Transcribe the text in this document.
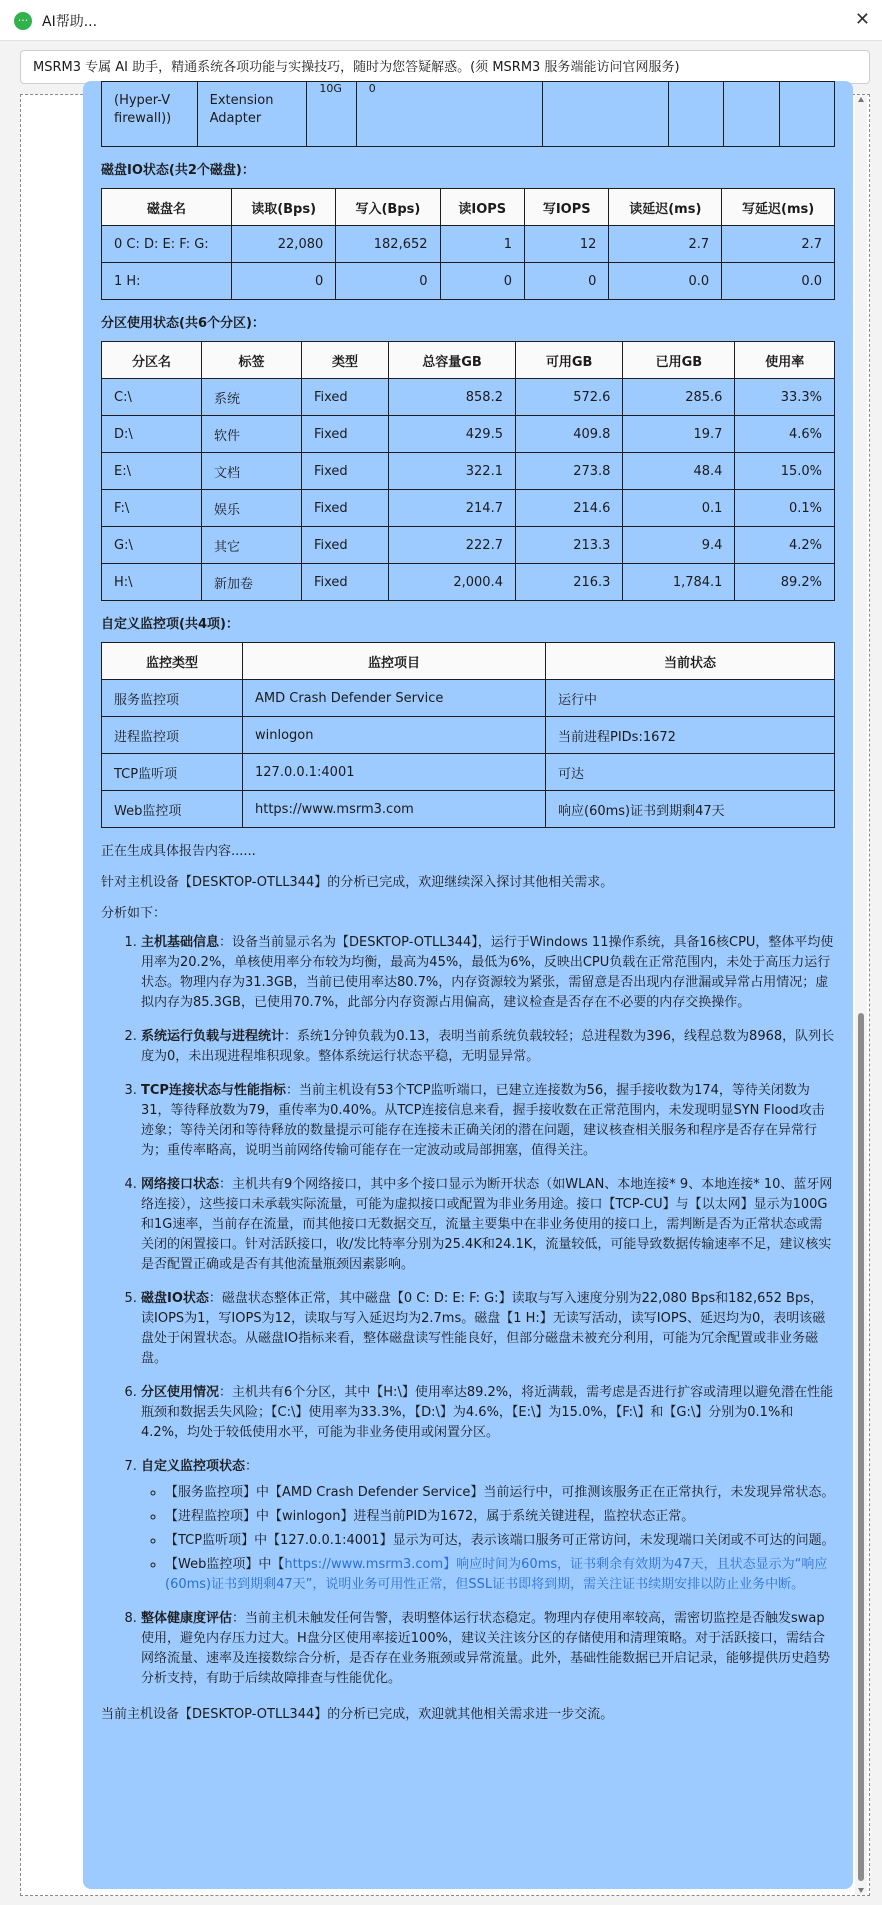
··· AI帮助...	✕
MSRM3 专属 AI 助手，精通系统各项功能与实操技巧，随时为您答疑解惑。(须 MSRM3 服务端能访问官网服务)
(Hyper-V firewall))	Extension Adapter	10G	0				
磁盘IO状态(共2个磁盘)：
磁盘名	读取(Bps)	写入(Bps)	读IOPS	写IOPS	读延迟(ms)	写延迟(ms)
0 C: D: E: F: G:	22,080	182,652	1	12	2.7	2.7
1 H:	0	0	0	0	0.0	0.0
分区使用状态(共6个分区)：
分区名	标签	类型	总容量GB	可用GB	已用GB	使用率
C:\	系统	Fixed	858.2	572.6	285.6	33.3%
D:\	软件	Fixed	429.5	409.8	19.7	4.6%
E:\	文档	Fixed	322.1	273.8	48.4	15.0%
F:\	娱乐	Fixed	214.7	214.6	0.1	0.1%
G:\	其它	Fixed	222.7	213.3	9.4	4.2%
H:\	新加卷	Fixed	2,000.4	216.3	1,784.1	89.2%
自定义监控项(共4项)：
监控类型	监控项目	当前状态
服务监控项	AMD Crash Defender Service	运行中
进程监控项	winlogon	当前进程PIDs:1672
TCP监听项	127.0.0.1:4001	可达
Web监控项	https://www.msrm3.com	响应(60ms)证书到期剩47天

正在生成具体报告内容......

针对主机设备【DESKTOP-OTLL344】的分析已完成，欢迎继续深入探讨其他相关需求。

分析如下：

1. 主机基础信息：设备当前显示名为【DESKTOP-OTLL344】，运行于Windows 11操作系统，具备16核CPU，整体平均使用率为20.2%，单核使用率分布较为均衡，最高为45%，最低为6%，反映出CPU负载在正常范围内，未处于高压力运行状态。物理内存为31.3GB，当前已使用率达80.7%，内存资源较为紧张，需留意是否出现内存泄漏或异常占用情况；虚拟内存为85.3GB，已使用70.7%，此部分内存资源占用偏高，建议检查是否存在不必要的内存交换操作。
2. 系统运行负载与进程统计：系统1分钟负载为0.13，表明当前系统负载较轻；总进程数为396，线程总数为8968，队列长度为0，未出现进程堆积现象。整体系统运行状态平稳，无明显异常。
3. TCP连接状态与性能指标：当前主机设有53个TCP监听端口，已建立连接数为56，握手接收数为174，等待关闭数为31，等待释放数为79，重传率为0.40%。从TCP连接信息来看，握手接收数在正常范围内，未发现明显SYN Flood攻击迹象；等待关闭和等待释放的数量提示可能存在连接未正确关闭的潜在问题，建议核查相关服务和程序是否存在异常行为；重传率略高，说明当前网络传输可能存在一定波动或局部拥塞，值得关注。
4. 网络接口状态：主机共有9个网络接口，其中多个接口显示为断开状态（如WLAN、本地连接* 9、本地连接* 10、蓝牙网络连接），这些接口未承载实际流量，可能为虚拟接口或配置为非业务用途。接口【TCP-CU】与【以太网】显示为100G和1G速率，当前存在流量，而其他接口无数据交互，流量主要集中在非业务使用的接口上，需判断是否为正常状态或需关闭的闲置接口。针对活跃接口，收/发比特率分别为25.4K和24.1K，流量较低，可能导致数据传输速率不足，建议核实是否配置正确或是否有其他流量瓶颈因素影响。
5. 磁盘IO状态：磁盘状态整体正常，其中磁盘【0 C: D: E: F: G:】读取与写入速度分别为22,080 Bps和182,652 Bps，读IOPS为1，写IOPS为12，读取与写入延迟均为2.7ms。磁盘【1 H:】无读写活动，读写IOPS、延迟均为0，表明该磁盘处于闲置状态。从磁盘IO指标来看，整体磁盘读写性能良好，但部分磁盘未被充分利用，可能为冗余配置或非业务磁盘。
6. 分区使用情况：主机共有6个分区，其中【H:\】使用率达89.2%，将近满载，需考虑是否进行扩容或清理以避免潜在性能瓶颈和数据丢失风险；【C:\】使用率为33.3%，【D:\】为4.6%，【E:\】为15.0%，【F:\】和【G:\】分别为0.1%和4.2%，均处于较低使用水平，可能为非业务使用或闲置分区。
7. 自定义监控项状态：
◦ 【服务监控项】中【AMD Crash Defender Service】当前运行中，可推测该服务正在正常执行，未发现异常状态。
◦ 【进程监控项】中【winlogon】进程当前PID为1672，属于系统关键进程，监控状态正常。
◦ 【TCP监听项】中【127.0.0.1:4001】显示为可达，表示该端口服务可正常访问，未发现端口关闭或不可达的问题。
◦ 【Web监控项】中【https://www.msrm3.com】响应时间为60ms，证书剩余有效期为47天，且状态显示为“响应(60ms)证书到期剩47天”，说明业务可用性正常，但SSL证书即将到期，需关注证书续期安排以防止业务中断。
8. 整体健康度评估：当前主机未触发任何告警，表明整体运行状态稳定。物理内存使用率较高，需密切监控是否触发swap使用，避免内存压力过大。H盘分区使用率接近100%，建议关注该分区的存储使用和清理策略。对于活跃接口，需结合网络流量、速率及连接数综合分析，是否存在业务瓶颈或异常流量。此外，基础性能数据已开启记录，能够提供历史趋势分析支持，有助于后续故障排查与性能优化。

当前主机设备【DESKTOP-OTLL344】的分析已完成，欢迎就其他相关需求进一步交流。
